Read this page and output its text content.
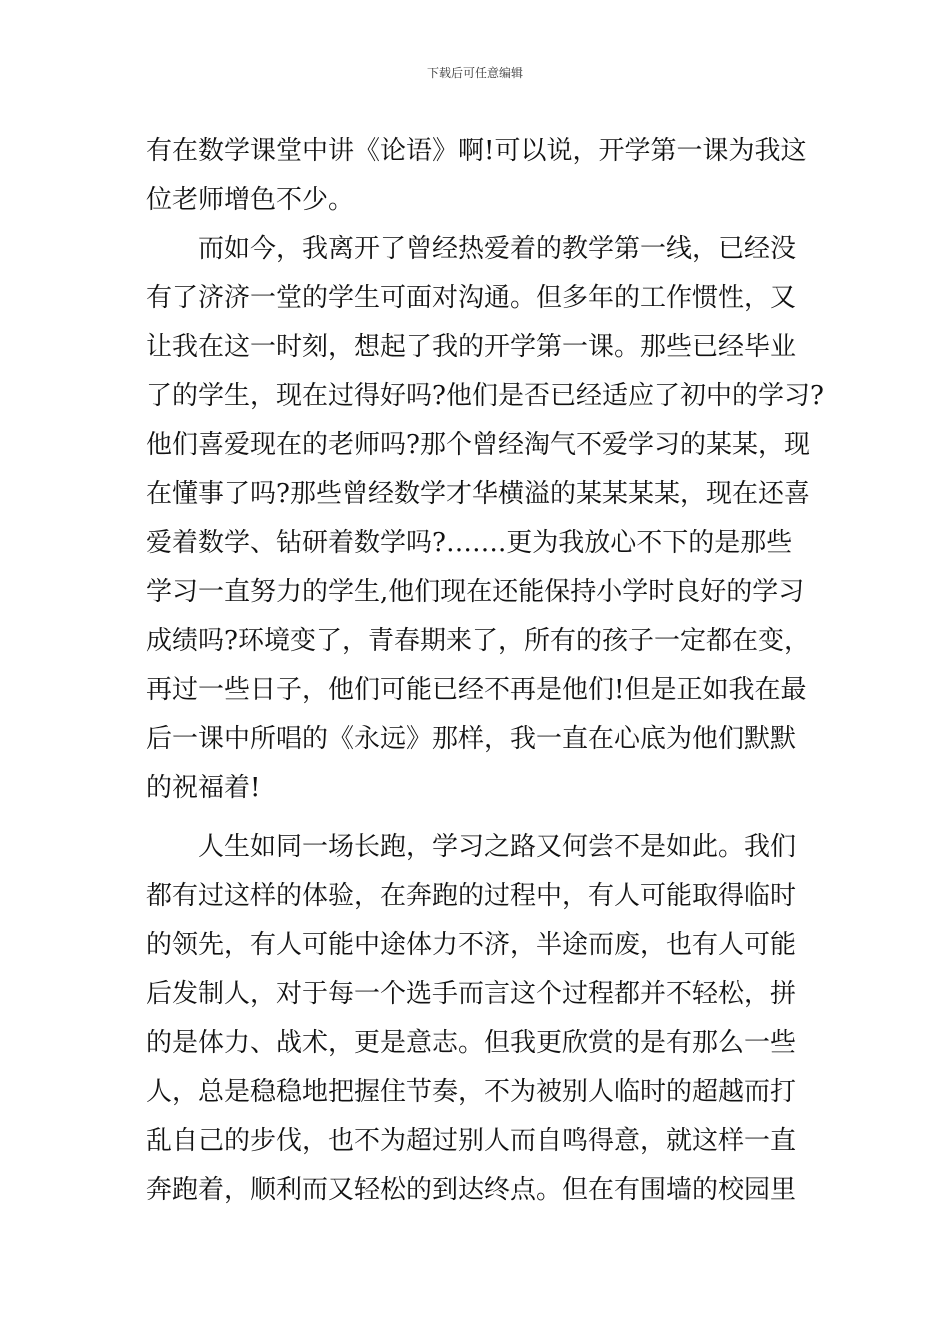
下载后可任意编辑
有在数学课堂中讲《论语》啊!可以说，开学第一课为我这
位老师增色不少。
而如今，我离开了曾经热爱着的教学第一线，已经没
有了济济一堂的学生可面对沟通。但多年的工作惯性，又
让我在这一时刻，想起了我的开学第一课。那些已经毕业
了的学生，现在过得好吗?他们是否已经适应了初中的学习?
他们喜爱现在的老师吗?那个曾经淘气不爱学习的某某，现
在懂事了吗?那些曾经数学才华横溢的某某某某，现在还喜
爱着数学、钻研着数学吗?…….更为我放心不下的是那些
学习一直努力的学生,他们现在还能保持小学时良好的学习
成绩吗?环境变了，青春期来了，所有的孩子一定都在变，
再过一些日子，他们可能已经不再是他们!但是正如我在最
后一课中所唱的《永远》那样，我一直在心底为他们默默
的祝福着!
人生如同一场长跑，学习之路又何尝不是如此。我们
都有过这样的体验，在奔跑的过程中，有人可能取得临时
的领先，有人可能中途体力不济，半途而废，也有人可能
后发制人，对于每一个选手而言这个过程都并不轻松，拼
的是体力、战术，更是意志。但我更欣赏的是有那么一些
人，总是稳稳地把握住节奏，不为被别人临时的超越而打
乱自己的步伐，也不为超过别人而自鸣得意，就这样一直
奔跑着，顺利而又轻松的到达终点。但在有围墙的校园里
